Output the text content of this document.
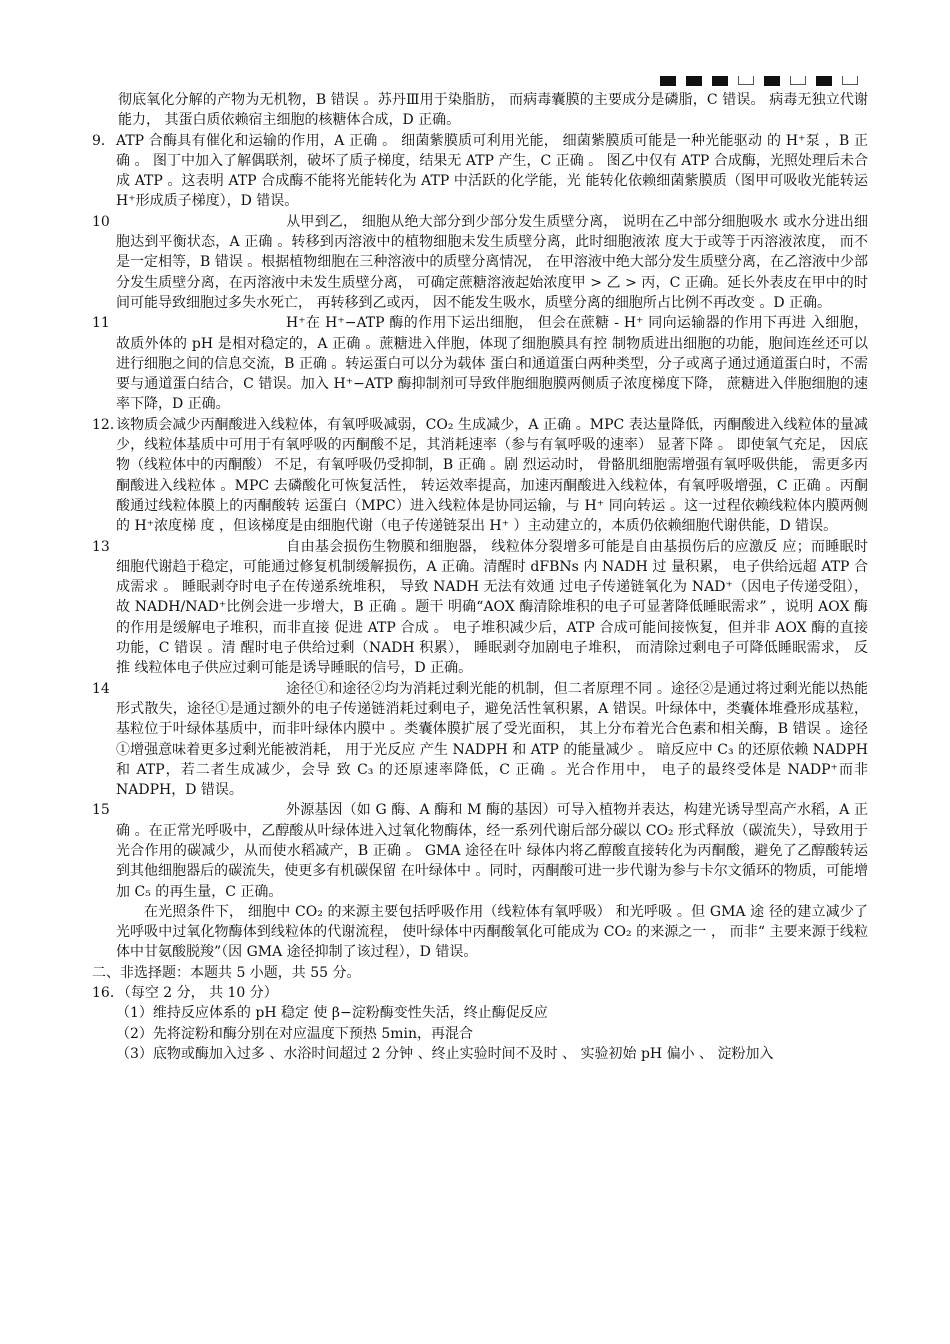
彻底氧化分解的产物为无机物，B 错误 。苏丹Ⅲ用于染脂肪， 而病毒囊膜的主要成分是磷脂，C 错误。 病毒无独立代谢能力， 其蛋白质依赖宿主细胞的核糖体合成，D 正确。

9． ATP 合酶具有催化和运输的作用，A 正确 。 细菌紫膜质可利用光能， 细菌紫膜质可能是一种光能驱动 的 H⁺泵 ，B 正确 。 图丁中加入了解偶联剂，破坏了质子梯度，结果无 ATP 产生，C 正确 。 图乙中仅有 ATP 合成酶，光照处理后未合成 ATP 。这表明 ATP 合成酶不能将光能转化为 ATP 中活跃的化学能，光 能转化依赖细菌紫膜质（图甲可吸收光能转运 H⁺形成质子梯度），D 错误。

10	从甲到乙， 细胞从绝大部分到少部分发生质壁分离， 说明在乙中部分细胞吸水 或水分进出细胞达到平衡状态，A 正确 。转移到丙溶液中的植物细胞未发生质壁分离，此时细胞液浓 度大于或等于丙溶液浓度， 而不是一定相等，B 错误 。根据植物细胞在三种溶液中的质壁分离情况， 在甲溶液中绝大部分发生质壁分离，在乙溶液中少部分发生质壁分离，在丙溶液中未发生质壁分离， 可确定蔗糖溶液起始浓度甲 > 乙 > 丙，C 正确。延长外表皮在甲中的时间可能导致细胞过多失水死亡， 再转移到乙或丙， 因不能发生吸水，质壁分离的细胞所占比例不再改变 。D 正确。

11	H⁺在 H⁺−ATP 酶的作用下运出细胞， 但会在蔗糖 - H⁺ 同向运输器的作用下再进 入细胞， 故质外体的 pH 是相对稳定的，A 正确 。蔗糖进入伴胞，体现了细胞膜具有控 制物质进出细胞的功能，胞间连丝还可以进行细胞之间的信息交流，B 正确 。转运蛋白可以分为载体 蛋白和通道蛋白两种类型，分子或离子通过通道蛋白时，不需要与通道蛋白结合，C 错误。加入 H⁺−ATP 酶抑制剂可导致伴胞细胞膜两侧质子浓度梯度下降， 蔗糖进入伴胞细胞的速率下降，D 正确。

12．

该物质会减少丙酮酸进入线粒体，有氧呼吸减弱，CO₂ 生成减少，A 正确 。MPC 表达量降低，丙酮酸进入线粒体的量减少，线粒体基质中可用于有氧呼吸的丙酮酸不足，其消耗速率（参与有氧呼吸的速率） 显著下降 。 即使氧气充足， 因底物（线粒体中的丙酮酸） 不足，有氧呼吸仍受抑制，B 正确 。剧 烈运动时， 骨骼肌细胞需增强有氧呼吸供能， 需更多丙酮酸进入线粒体 。MPC 去磷酸化可恢复活性， 转运效率提高，加速丙酮酸进入线粒体，有氧呼吸增强，C 正确 。丙酮酸通过线粒体膜上的丙酮酸转 运蛋白（MPC）进入线粒体是协同运输，与 H⁺ 同向转运 。这一过程依赖线粒体内膜两侧的 H⁺浓度梯 度 ，但该梯度是由细胞代谢（电子传递链泵出 H⁺ ）主动建立的，本质仍依赖细胞代谢供能，D 错误。

13	自由基会损伤生物膜和细胞器， 线粒体分裂增多可能是自由基损伤后的应激反 应；而睡眠时细胞代谢趋于稳定，可能通过修复机制缓解损伤，A 正确。清醒时 dFBNs 内 NADH 过 量积累， 电子供给远超 ATP 合成需求 。 睡眠剥夺时电子在传递系统堆积， 导致 NADH 无法有效通 过电子传递链氧化为 NAD⁺（因电子传递受阻），故 NADH/NAD⁺比例会进一步增大，B 正确 。题干 明确“AOX 酶清除堆积的电子可显著降低睡眠需求” ，说明 AOX 酶的作用是缓解电子堆积，而非直接 促进 ATP 合成 。 电子堆积减少后，ATP 合成可能间接恢复，但并非 AOX 酶的直接功能，C 错误 。清 醒时电子供给过剩（NADH 积累）， 睡眠剥夺加剧电子堆积， 而清除过剩电子可降低睡眠需求， 反推 线粒体电子供应过剩可能是诱导睡眠的信号，D 正确。

14	途径①和途径②均为消耗过剩光能的机制，但二者原理不同 。途径②是通过将过剩光能以热能形式散失，途径①是通过额外的电子传递链消耗过剩电子，避免活性氧积累，A 错误。叶绿体中，类囊体堆叠形成基粒，基粒位于叶绿体基质中，而非叶绿体内膜中 。类囊体膜扩展了受光面积， 其上分布着光合色素和相关酶，B 错误 。途径①增强意味着更多过剩光能被消耗， 用于光反应 产生 NADPH 和 ATP 的能量减少 。 暗反应中 C₃ 的还原依赖 NADPH 和 ATP，若二者生成减少，会导 致 C₃ 的还原速率降低，C 正确 。光合作用中， 电子的最终受体是 NADP⁺而非 NADPH，D 错误。

15	外源基因（如 G 酶、A 酶和 M 酶的基因）可导入植物并表达，构建光诱导型高产水稻，A 正确 。在正常光呼吸中，乙醇酸从叶绿体进入过氧化物酶体，经一系列代谢后部分碳以 CO₂ 形式释放（碳流失），导致用于光合作用的碳减少，从而使水稻减产，B 正确 。 GMA 途径在叶 绿体内将乙醇酸直接转化为丙酮酸，避免了乙醇酸转运到其他细胞器后的碳流失，使更多有机碳保留 在叶绿体中 。同时，丙酮酸可进一步代谢为参与卡尔文循环的物质，可能增加 C₅ 的再生量，C 正确。

在光照条件下， 细胞中 CO₂ 的来源主要包括呼吸作用（线粒体有氧呼吸） 和光呼吸 。但 GMA 途 径的建立减少了光呼吸中过氧化物酶体到线粒体的代谢流程， 使叶绿体中丙酮酸氧化可能成为 CO₂ 的来源之一 ， 而非“ 主要来源于线粒体中甘氨酸脱羧”（因 GMA 途径抑制了该过程），D 错误。

二、非选择题：本题共 5 小题，共 55 分。

16．（每空 2 分， 共 10 分）

（1）维持反应体系的 pH 稳定 使 β−淀粉酶变性失活，终止酶促反应

（2）先将淀粉和酶分别在对应温度下预热 5min，再混合

（3）底物或酶加入过多 、水浴时间超过 2 分钟 、终止实验时间不及时 、 实验初始 pH 偏小 、 淀粉加入
